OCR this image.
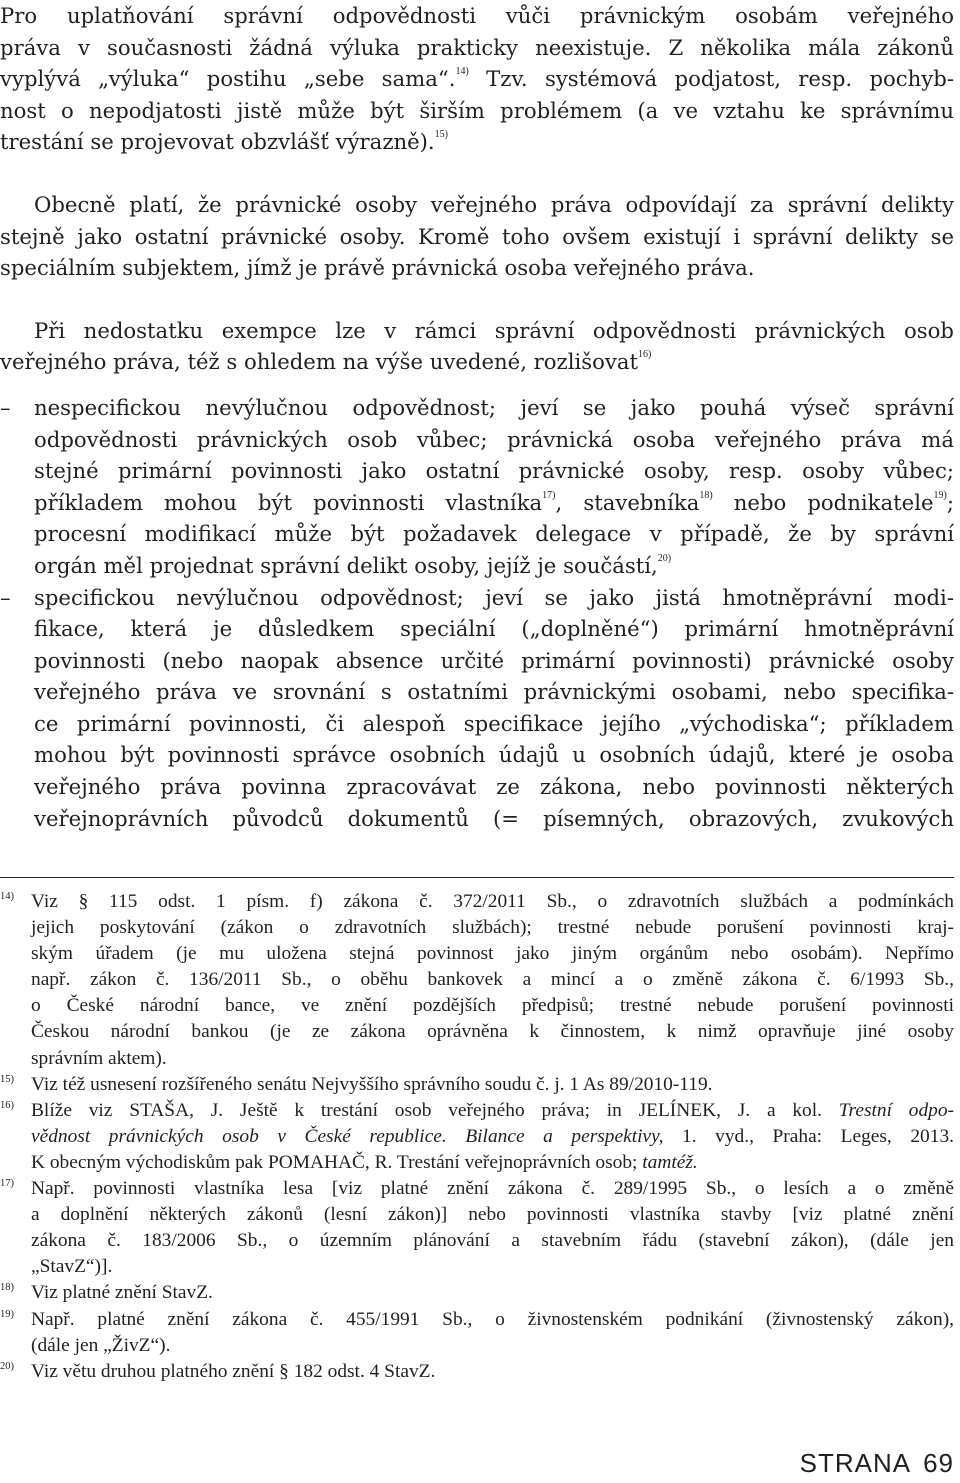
Pro uplatňování správní odpovědnosti vůči právnickým osobám veřejného
práva v současnosti žádná výluka prakticky neexistuje. Z několika mála zákonů
vyplývá „výluka“ postihu „sebe sama“.$^{14)}$ Tzv. systémová podjatost, resp. pochyb-
nost o nepodjatosti jistě může být širším problémem (a ve vztahu ke správnímu
trestání se projevovat obzvlášť výrazně).$^{15)}$
Obecně platí, že právnické osoby veřejného práva odpovídají za správní delikty
stejně jako ostatní právnické osoby. Kromě toho ovšem existují i správní delikty se
speciálním subjektem, jímž je právě právnická osoba veřejného práva.
Při nedostatku exempce lze v rámci správní odpovědnosti právnických osob
veřejného práva, též s ohledem na výše uvedené, rozlišovat$^{16)}$
– nespecifickou nevýlučnou odpovědnost; jeví se jako pouhá výseč správní
odpovědnosti právnických osob vůbec; právnická osoba veřejného práva má
stejné primární povinnosti jako ostatní právnické osoby, resp. osoby vůbec;
příkladem mohou být povinnosti vlastníka$^{17)}$, stavebníka$^{18)}$ nebo podnikatele$^{19)}$;
procesní modifikací může být požadavek delegace v případě, že by správní
orgán měl projednat správní delikt osoby, jejíž je součástí,$^{20)}$
– specifickou nevýlučnou odpovědnost; jeví se jako jistá hmotněprávní modi-
fikace, která je důsledkem speciální („doplněné“) primární hmotněprávní
povinnosti (nebo naopak absence určité primární povinnosti) právnické osoby
veřejného práva ve srovnání s ostatními právnickými osobami, nebo specifika-
ce primární povinnosti, či alespoň specifikace jejího „východiska“; příkladem
mohou být povinnosti správce osobních údajů u osobních údajů, které je osoba
veřejného práva povinna zpracovávat ze zákona, nebo povinnosti některých
veřejnoprávních původců dokumentů (= písemných, obrazových, zvukových
14) Viz § 115 odst. 1 písm. f) zákona č. 372/2011 Sb., o zdravotních službách a podmínkách
jejich poskytování (zákon o zdravotních službách); trestné nebude porušení povinnosti kraj-
ským úřadem (je mu uložena stejná povinnost jako jiným orgánům nebo osobám). Nepřímo
např. zákon č. 136/2011 Sb., o oběhu bankovek a mincí a o změně zákona č. 6/1993 Sb.,
o České národní bance, ve znění pozdějších předpisů; trestné nebude porušení povinnosti
Českou národní bankou (je ze zákona oprávněna k činnostem, k nimž opravňuje jiné osoby
správním aktem).
15) Viz též usnesení rozšířeného senátu Nejvyššího správního soudu č. j. 1 As 89/2010-119.
16) Blíže viz STAŠA, J. Ještě k trestání osob veřejného práva; in JELÍNEK, J. a kol. Trestní odpo-
vědnost právnických osob v České republice. Bilance a perspektivy, 1. vyd., Praha: Leges, 2013.
K obecným východiskům pak POMAHAČ, R. Trestání veřejnoprávních osob; tamtéž.
17) Např. povinnosti vlastníka lesa [viz platné znění zákona č. 289/1995 Sb., o lesích a o změně
a doplnění některých zákonů (lesní zákon)] nebo povinnosti vlastníka stavby [viz platné znění
zákona č. 183/2006 Sb., o územním plánování a stavebním řádu (stavební zákon), (dále jen
„StavZ“)].
18) Viz platné znění StavZ.
19) Např. platné znění zákona č. 455/1991 Sb., o živnostenském podnikání (živnostenský zákon),
(dále jen „ŽivZ“).
20) Viz větu druhou platného znění § 182 odst. 4 StavZ.
STRANA 69
